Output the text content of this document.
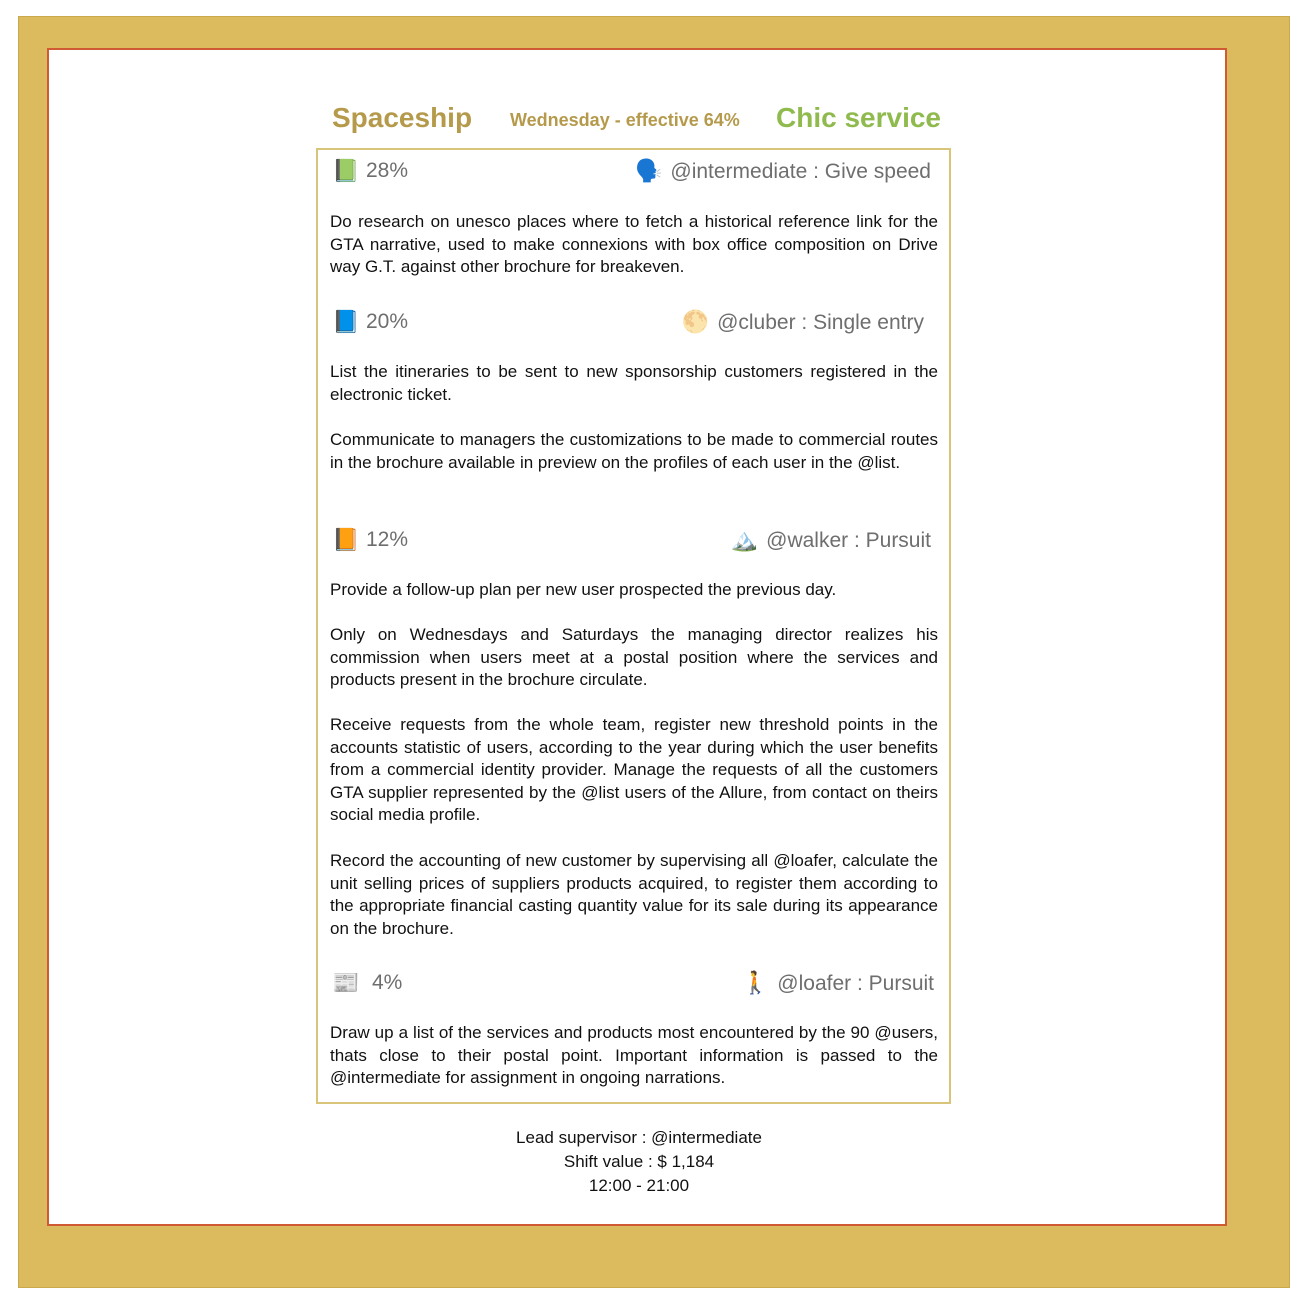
Spaceship Wednesday - effective 64% Chic service
📗 28%	🗣️ @intermediate : Give speed

Do research on unesco places where to fetch a historical reference link for the GTA narrative, used to make connexions with box office composition on Drive way G.T. against other brochure for breakeven.

📘 20%	🌕 @cluber : Single entry

List the itineraries to be sent to new sponsorship customers registered in the electronic ticket.

Communicate to managers the customizations to be made to commercial routes in the brochure available in preview on the profiles of each user in the @list.

📙 12%	🏔️ @walker : Pursuit

Provide a follow-up plan per new user prospected the previous day.

Only on Wednesdays and Saturdays the managing director realizes his commission when users meet at a postal position where the services and products present in the brochure circulate.

Receive requests from the whole team, register new threshold points in the accounts statistic of users, according to the year during which the user benefits from a commercial identity provider. Manage the requests of all the customers GTA supplier represented by the @list users of the Allure, from contact on theirs social media profile.

Record the accounting of new customer by supervising all @loafer, calculate the unit selling prices of suppliers products acquired, to register them according to the appropriate financial casting quantity value for its sale during its appearance on the brochure.

📰 4%	🚶 @loafer : Pursuit

Draw up a list of the services and products most encountered by the 90 @users, thats close to their postal point. Important information is passed to the @intermediate for assignment in ongoing narrations.

Lead supervisor : @intermediate
Shift value : $ 1,184
12:00 - 21:00
